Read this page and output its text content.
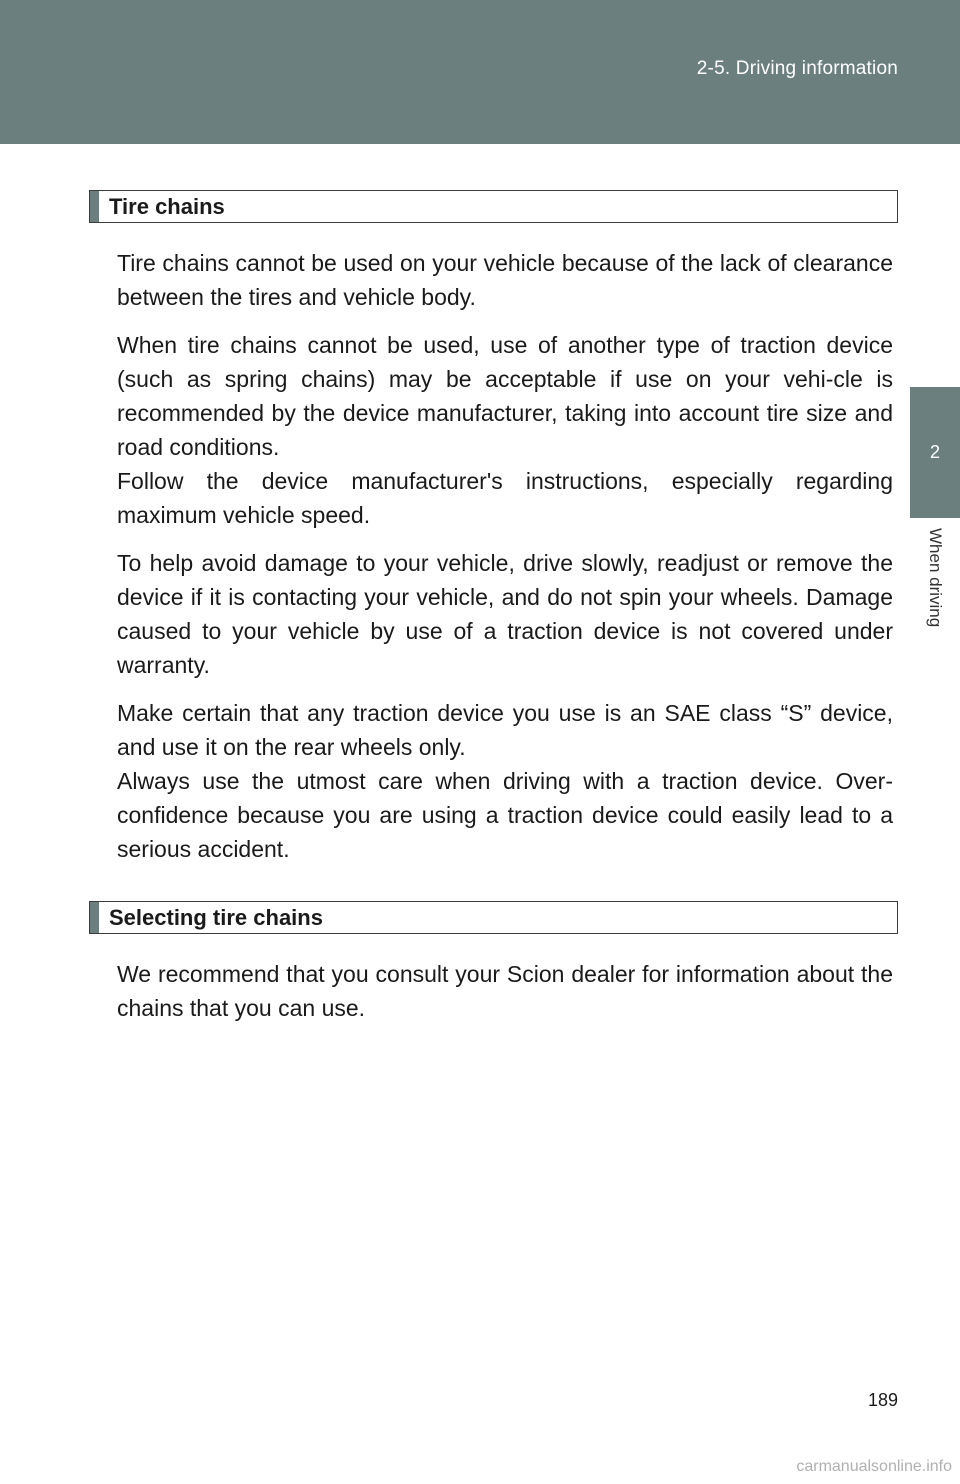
2-5. Driving information
2
When driving
Tire chains

Tire chains cannot be used on your vehicle because of the lack of clearance between the tires and vehicle body.

When tire chains cannot be used, use of another type of traction device (such as spring chains) may be acceptable if use on your vehi-cle is recommended by the device manufacturer, taking into account tire size and road conditions.

Follow the device manufacturer's instructions, especially regarding maximum vehicle speed.

To help avoid damage to your vehicle, drive slowly, readjust or remove the device if it is contacting your vehicle, and do not spin your wheels. Damage caused to your vehicle by use of a traction device is not covered under warranty.

Make certain that any traction device you use is an SAE class “S” device, and use it on the rear wheels only.

Always use the utmost care when driving with a traction device. Over-confidence because you are using a traction device could easily lead to a serious accident.

Selecting tire chains

We recommend that you consult your Scion dealer for information about the chains that you can use.

189
carmanualsonline.info
